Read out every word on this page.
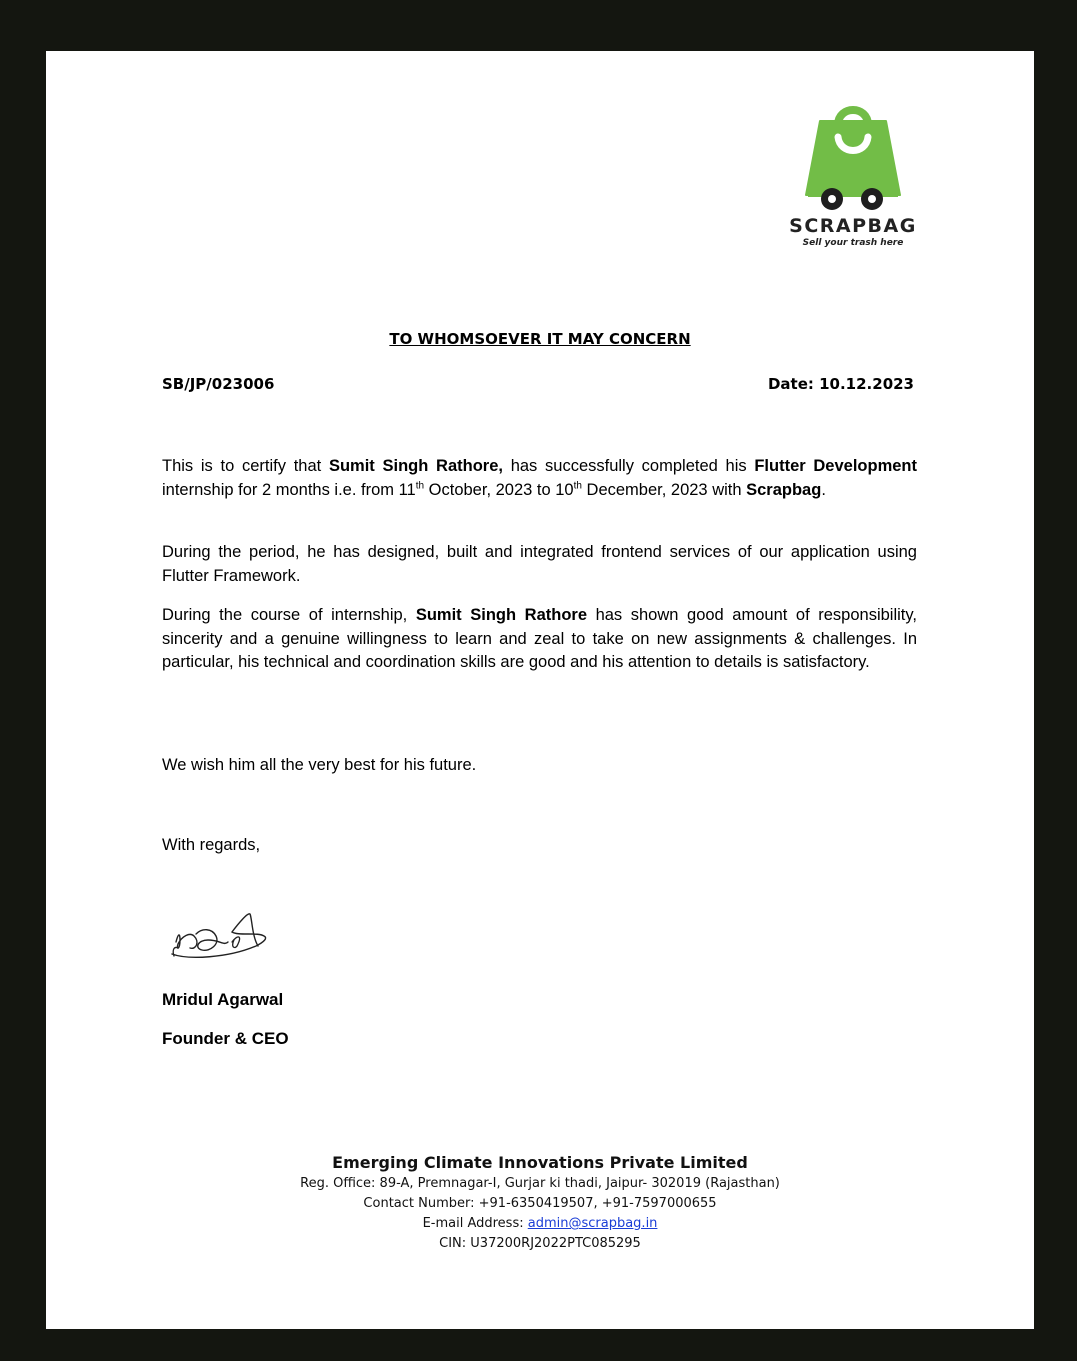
SCRAPBAG
Sell your trash here
TO WHOMSOEVER IT MAY CONCERN
SB/JP/023006	Date: 10.12.2023
This is to certify that Sumit Singh Rathore, has successfully completed his Flutter Development internship for 2 months i.e. from 11th October, 2023 to 10th December, 2023 with Scrapbag.
During the period, he has designed, built and integrated frontend services of our application using Flutter Framework.
During the course of internship, Sumit Singh Rathore has shown good amount of responsibility, sincerity and a genuine willingness to learn and zeal to take on new assignments & challenges. In particular, his technical and coordination skills are good and his attention to details is satisfactory.
We wish him all the very best for his future.
With regards,
Mridul Agarwal
Founder & CEO
Emerging Climate Innovations Private Limited
Reg. Office: 89-A, Premnagar-I, Gurjar ki thadi, Jaipur- 302019 (Rajasthan)
Contact Number: +91-6350419507, +91-7597000655
E-mail Address: admin@scrapbag.in
CIN: U37200RJ2022PTC085295
